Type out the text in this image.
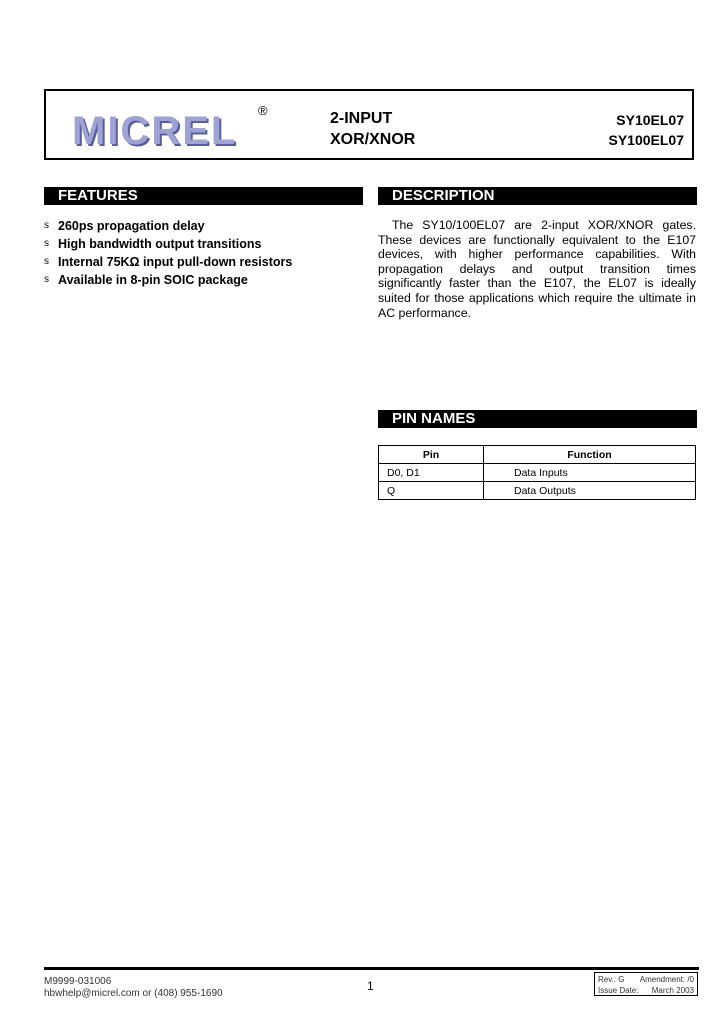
MICREL ®	2-INPUT
XOR/XNOR
SY10EL07
SY100EL07
FEATURES	DESCRIPTION
s 260ps propagation delay
s High bandwidth output transitions
s Internal 75KΩ input pull-down resistors
s Available in 8-pin SOIC package
The SY10/100EL07 are 2-input XOR/XNOR gates. These devices are functionally equivalent to the E107 devices, with higher performance capabilities. With propagation delays and output transition times significantly faster than the E107, the EL07 is ideally suited for those applications which require the ultimate in AC performance.
PIN NAMES
Pin	Function
D0, D1	Data Inputs
Q	Data Outputs
M9999-031006
hbwhelp@micrel.com or (408) 955-1690
1	Rev.: G Amendment: /0
Issue Date: March 2003
